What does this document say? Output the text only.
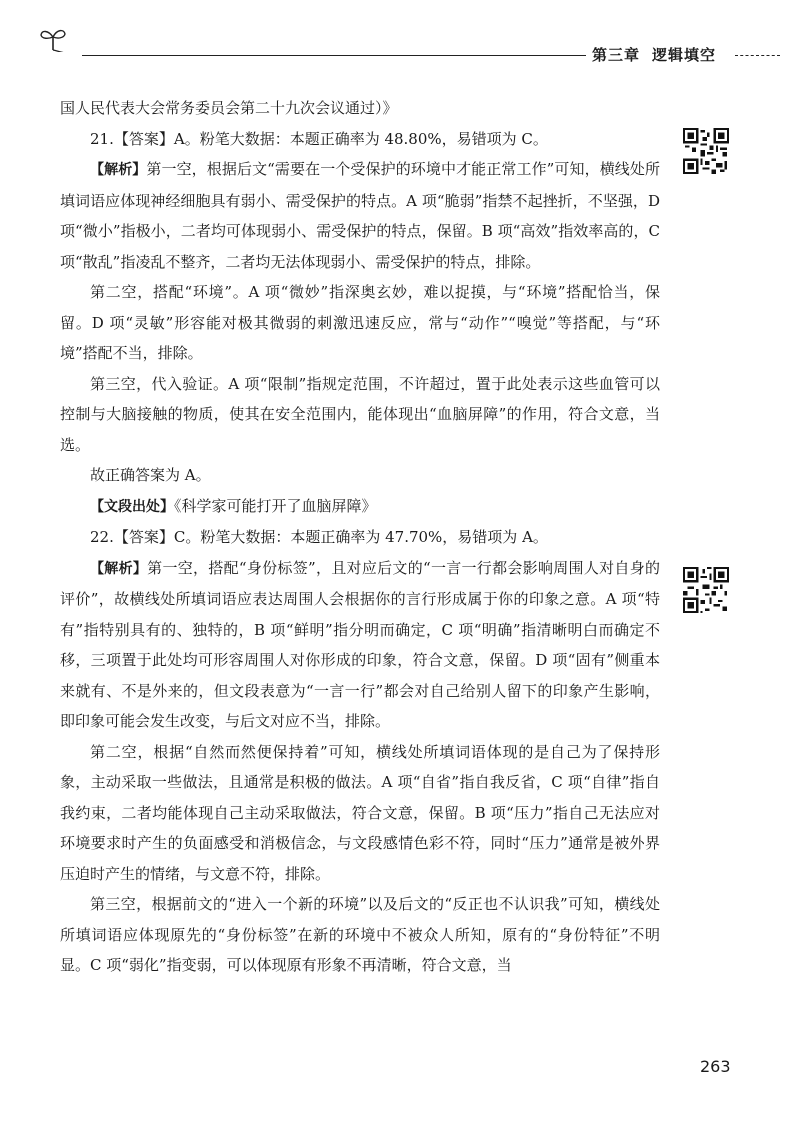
第三章 逻辑填空

国人民代表大会常务委员会第二十九次会议通过）》

21.【答案】A。粉笔大数据：本题正确率为 48.80%，易错项为 C。

【解析】第一空，根据后文“需要在一个受保护的环境中才能正常工作”可知，横线处所填词语应体现神经细胞具有弱小、需受保护的特点。A 项“脆弱”指禁不起挫折，不坚强，D 项“微小”指极小，二者均可体现弱小、需受保护的特点，保留。B 项“高效”指效率高的，C 项“散乱”指凌乱不整齐，二者均无法体现弱小、需受保护的特点，排除。

第二空，搭配“环境”。A 项“微妙”指深奥玄妙，难以捉摸，与“环境”搭配恰当，保留。D 项“灵敏”形容能对极其微弱的刺激迅速反应，常与“动作”“嗅觉”等搭配，与“环境”搭配不当，排除。

第三空，代入验证。A 项“限制”指规定范围，不许超过，置于此处表示这些血管可以控制与大脑接触的物质，使其在安全范围内，能体现出“血脑屏障”的作用，符合文意，当选。

故正确答案为 A。

【文段出处】《科学家可能打开了血脑屏障》

22.【答案】C。粉笔大数据：本题正确率为 47.70%，易错项为 A。

【解析】第一空，搭配“身份标签”，且对应后文的“一言一行都会影响周围人对自身的评价”，故横线处所填词语应表达周围人会根据你的言行形成属于你的印象之意。A 项“特有”指特别具有的、独特的，B 项“鲜明”指分明而确定，C 项“明确”指清晰明白而确定不移，三项置于此处均可形容周围人对你形成的印象，符合文意，保留。D 项“固有”侧重本来就有、不是外来的，但文段表意为“一言一行”都会对自己给别人留下的印象产生影响，即印象可能会发生改变，与后文对应不当，排除。

第二空，根据“自然而然便保持着”可知，横线处所填词语体现的是自己为了保持形象，主动采取一些做法，且通常是积极的做法。A 项“自省”指自我反省，C 项“自律”指自我约束，二者均能体现自己主动采取做法，符合文意，保留。B 项“压力”指自己无法应对环境要求时产生的负面感受和消极信念，与文段感情色彩不符，同时“压力”通常是被外界压迫时产生的情绪，与文意不符，排除。

第三空，根据前文的“进入一个新的环境”以及后文的“反正也不认识我”可知，横线处所填词语应体现原先的“身份标签”在新的环境中不被众人所知，原有的“身份特征”不明显。C 项“弱化”指变弱，可以体现原有形象不再清晰，符合文意，当

263
